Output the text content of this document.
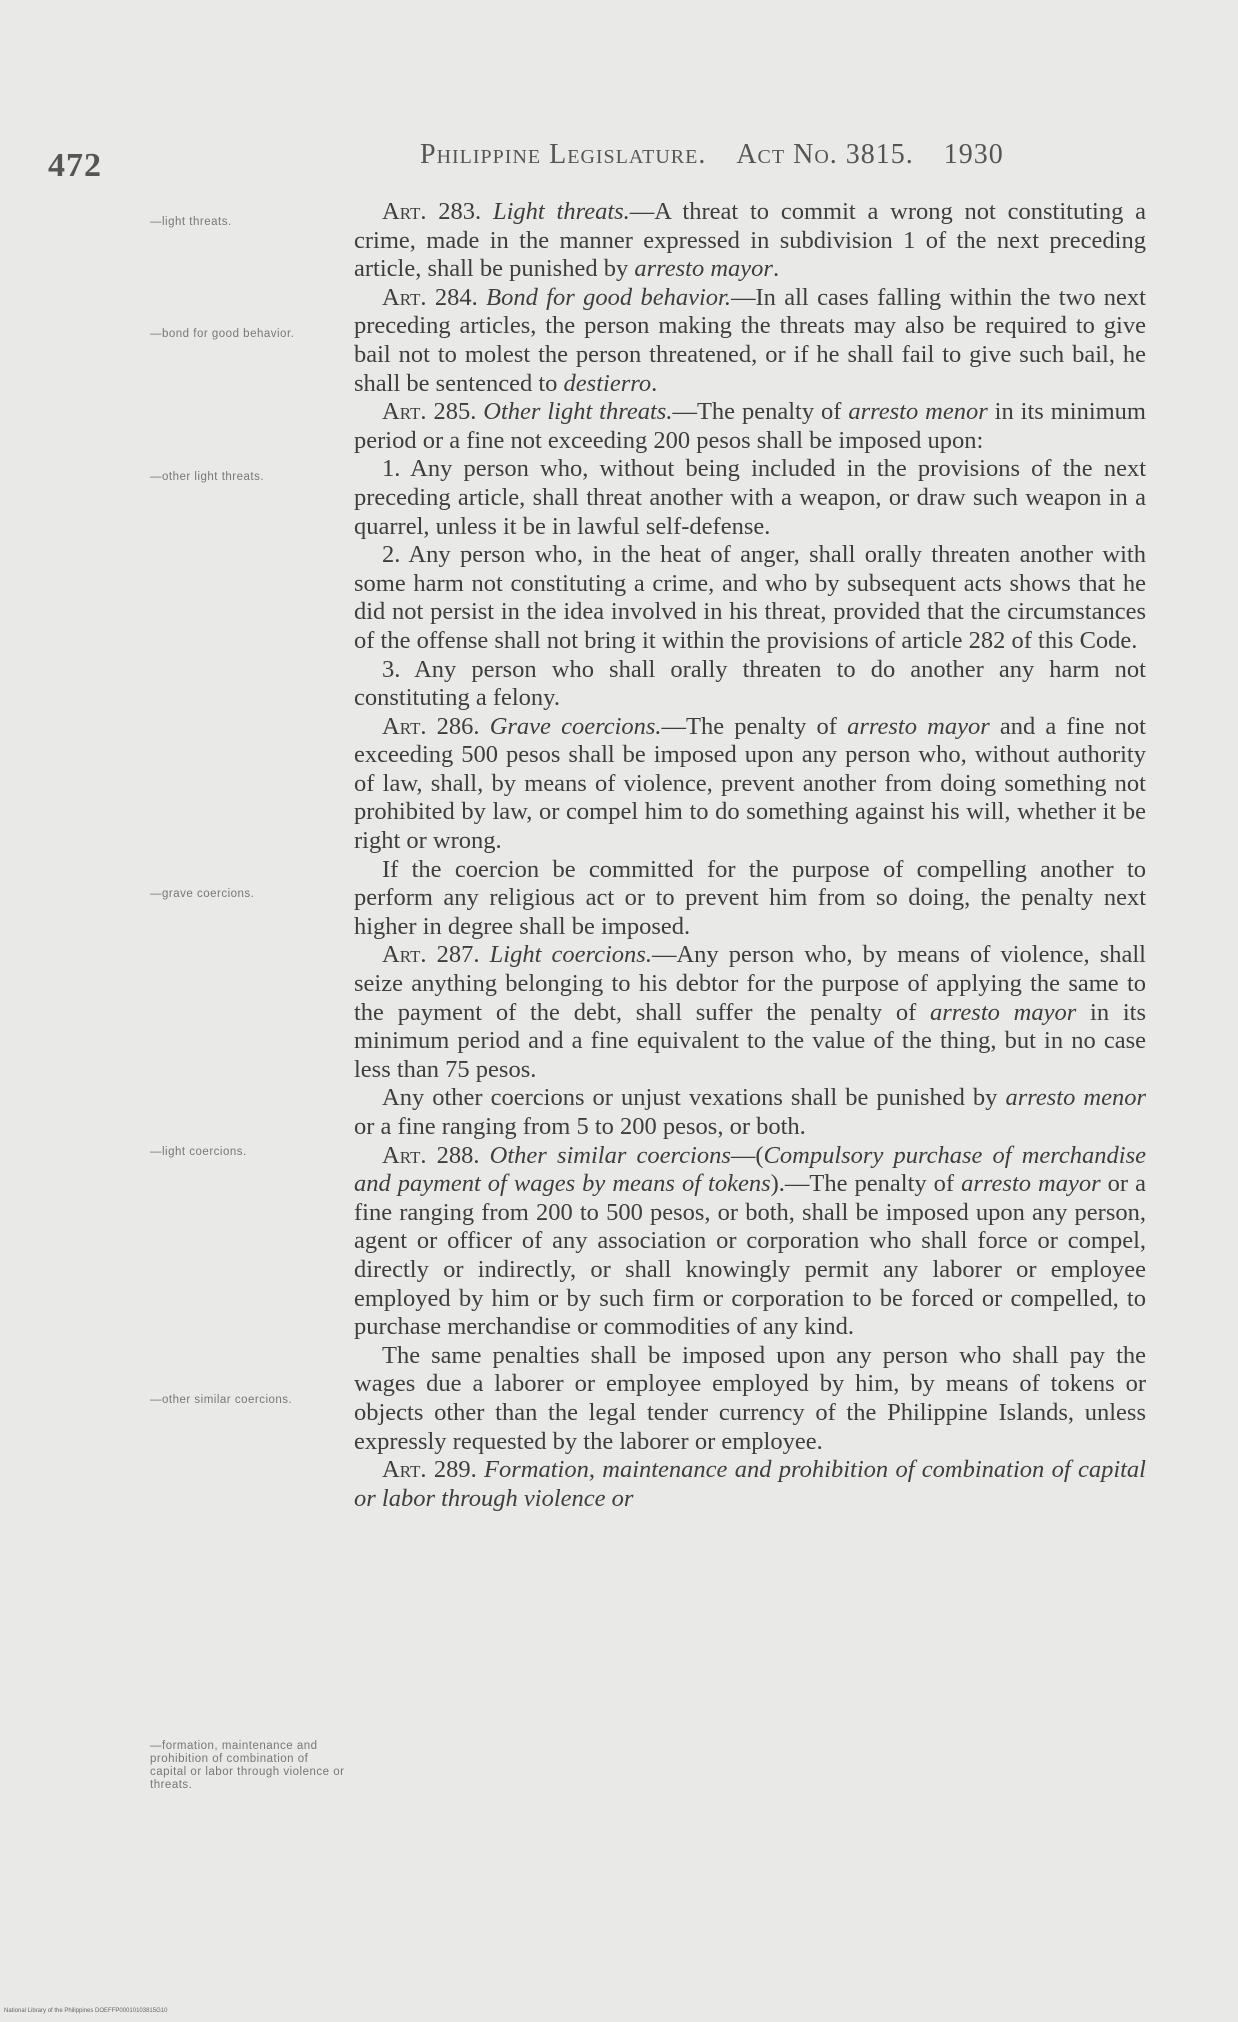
472	Philippine Legislature. Act No. 3815. 1930
—light threats.
—bond for good behavior.
—other light threats.
—grave coercions.
—light coercions.
—other similar coercions.
—formation, maintenance and prohibition of combination of capital or labor through violence or threats.

Art. 283. Light threats.—A threat to commit a wrong not constituting a crime, made in the manner expressed in subdivision 1 of the next preceding article, shall be punished by arresto mayor.

Art. 284. Bond for good behavior.—In all cases falling within the two next preceding articles, the person making the threats may also be required to give bail not to molest the person threatened, or if he shall fail to give such bail, he shall be sentenced to destierro.

Art. 285. Other light threats.—The penalty of arresto menor in its minimum period or a fine not exceeding 200 pesos shall be imposed upon:

1. Any person who, without being included in the provisions of the next preceding article, shall threat another with a weapon, or draw such weapon in a quarrel, unless it be in lawful self-defense.

2. Any person who, in the heat of anger, shall orally threaten another with some harm not constituting a crime, and who by subsequent acts shows that he did not persist in the idea involved in his threat, provided that the circumstances of the offense shall not bring it within the provisions of article 282 of this Code.

3. Any person who shall orally threaten to do another any harm not constituting a felony.

Art. 286. Grave coercions.—The penalty of arresto mayor and a fine not exceeding 500 pesos shall be imposed upon any person who, without authority of law, shall, by means of violence, prevent another from doing something not prohibited by law, or compel him to do something against his will, whether it be right or wrong.

If the coercion be committed for the purpose of compelling another to perform any religious act or to prevent him from so doing, the penalty next higher in degree shall be imposed.

Art. 287. Light coercions.—Any person who, by means of violence, shall seize anything belonging to his debtor for the purpose of applying the same to the payment of the debt, shall suffer the penalty of arresto mayor in its minimum period and a fine equivalent to the value of the thing, but in no case less than 75 pesos.

Any other coercions or unjust vexations shall be punished by arresto menor or a fine ranging from 5 to 200 pesos, or both.

Art. 288. Other similar coercions—(Compulsory purchase of merchandise and payment of wages by means of tokens).—The penalty of arresto mayor or a fine ranging from 200 to 500 pesos, or both, shall be imposed upon any person, agent or officer of any association or corporation who shall force or compel, directly or indirectly, or shall knowingly permit any laborer or employee employed by him or by such firm or corporation to be forced or compelled, to purchase merchandise or commodities of any kind.

The same penalties shall be imposed upon any person who shall pay the wages due a laborer or employee employed by him, by means of tokens or objects other than the legal tender currency of the Philippine Islands, unless expressly requested by the laborer or employee.

Art. 289. Formation, maintenance and prohibition of combination of capital or labor through violence or

National Library of the Philippines DOEFFP00010103815G10
